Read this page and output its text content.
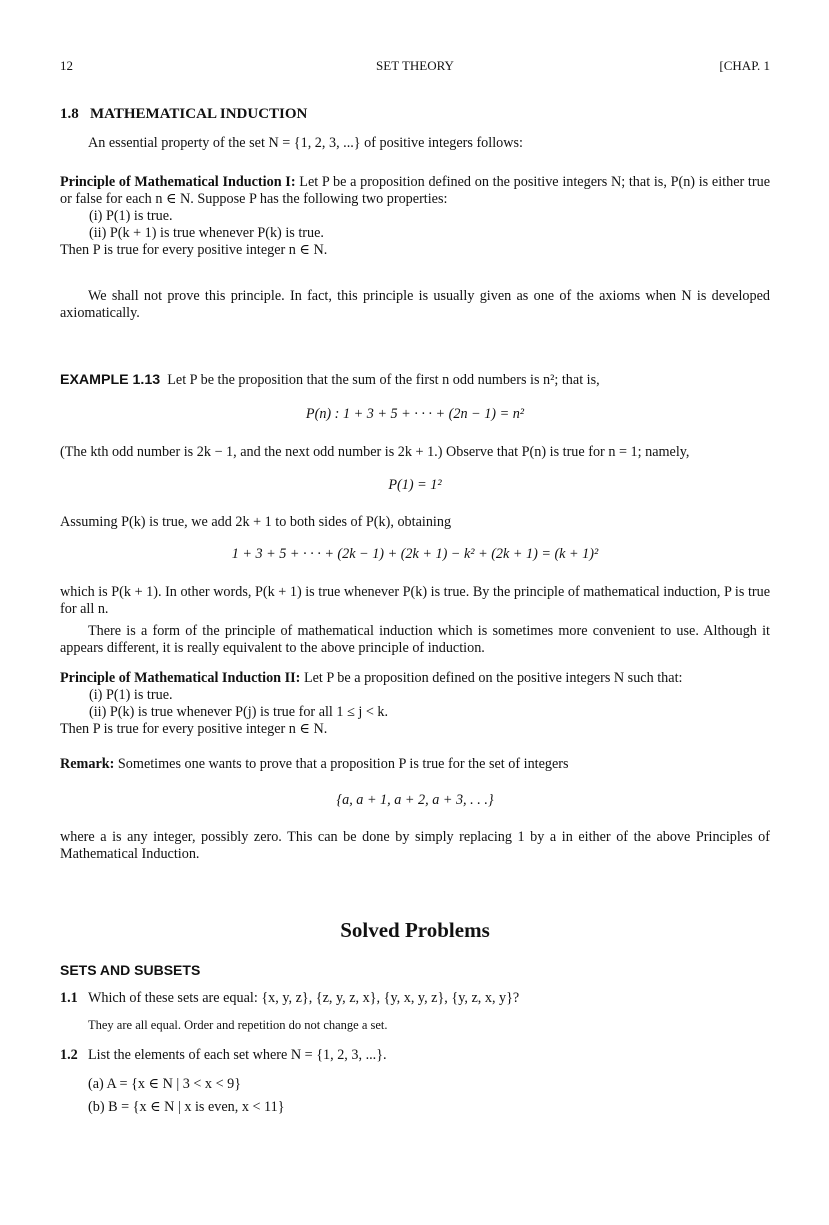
12	SET THEORY	[CHAP. 1
1.8 MATHEMATICAL INDUCTION
An essential property of the set N = {1, 2, 3, ...} of positive integers follows:
Principle of Mathematical Induction I: Let P be a proposition defined on the positive integers N; that is, P(n) is either true or false for each n ∈ N. Suppose P has the following two properties:
(i) P(1) is true.
(ii) P(k + 1) is true whenever P(k) is true.
Then P is true for every positive integer n ∈ N.
We shall not prove this principle. In fact, this principle is usually given as one of the axioms when N is developed axiomatically.
EXAMPLE 1.13 Let P be the proposition that the sum of the first n odd numbers is n²; that is,
P(n) : 1 + 3 + 5 + · · · + (2n − 1) = n²
(The kth odd number is 2k − 1, and the next odd number is 2k + 1.) Observe that P(n) is true for n = 1; namely,
P(1) = 1²
Assuming P(k) is true, we add 2k + 1 to both sides of P(k), obtaining
1 + 3 + 5 + · · · + (2k − 1) + (2k + 1) − k² + (2k + 1) = (k + 1)²
which is P(k + 1). In other words, P(k + 1) is true whenever P(k) is true. By the principle of mathematical induction, P is true for all n.
There is a form of the principle of mathematical induction which is sometimes more convenient to use. Although it appears different, it is really equivalent to the above principle of induction.
Principle of Mathematical Induction II: Let P be a proposition defined on the positive integers N such that:
(i) P(1) is true.
(ii) P(k) is true whenever P(j) is true for all 1 ≤ j < k.
Then P is true for every positive integer n ∈ N.
Remark: Sometimes one wants to prove that a proposition P is true for the set of integers
{a, a + 1, a + 2, a + 3, . . .}
where a is any integer, possibly zero. This can be done by simply replacing 1 by a in either of the above Principles of Mathematical Induction.
Solved Problems
SETS AND SUBSETS
1.1 Which of these sets are equal: {x, y, z}, {z, y, z, x}, {y, x, y, z}, {y, z, x, y}?
They are all equal. Order and repetition do not change a set.
1.2 List the elements of each set where N = {1, 2, 3, ...}.
(a) A = {x ∈ N | 3 < x < 9}
(b) B = {x ∈ N | x is even, x < 11}
